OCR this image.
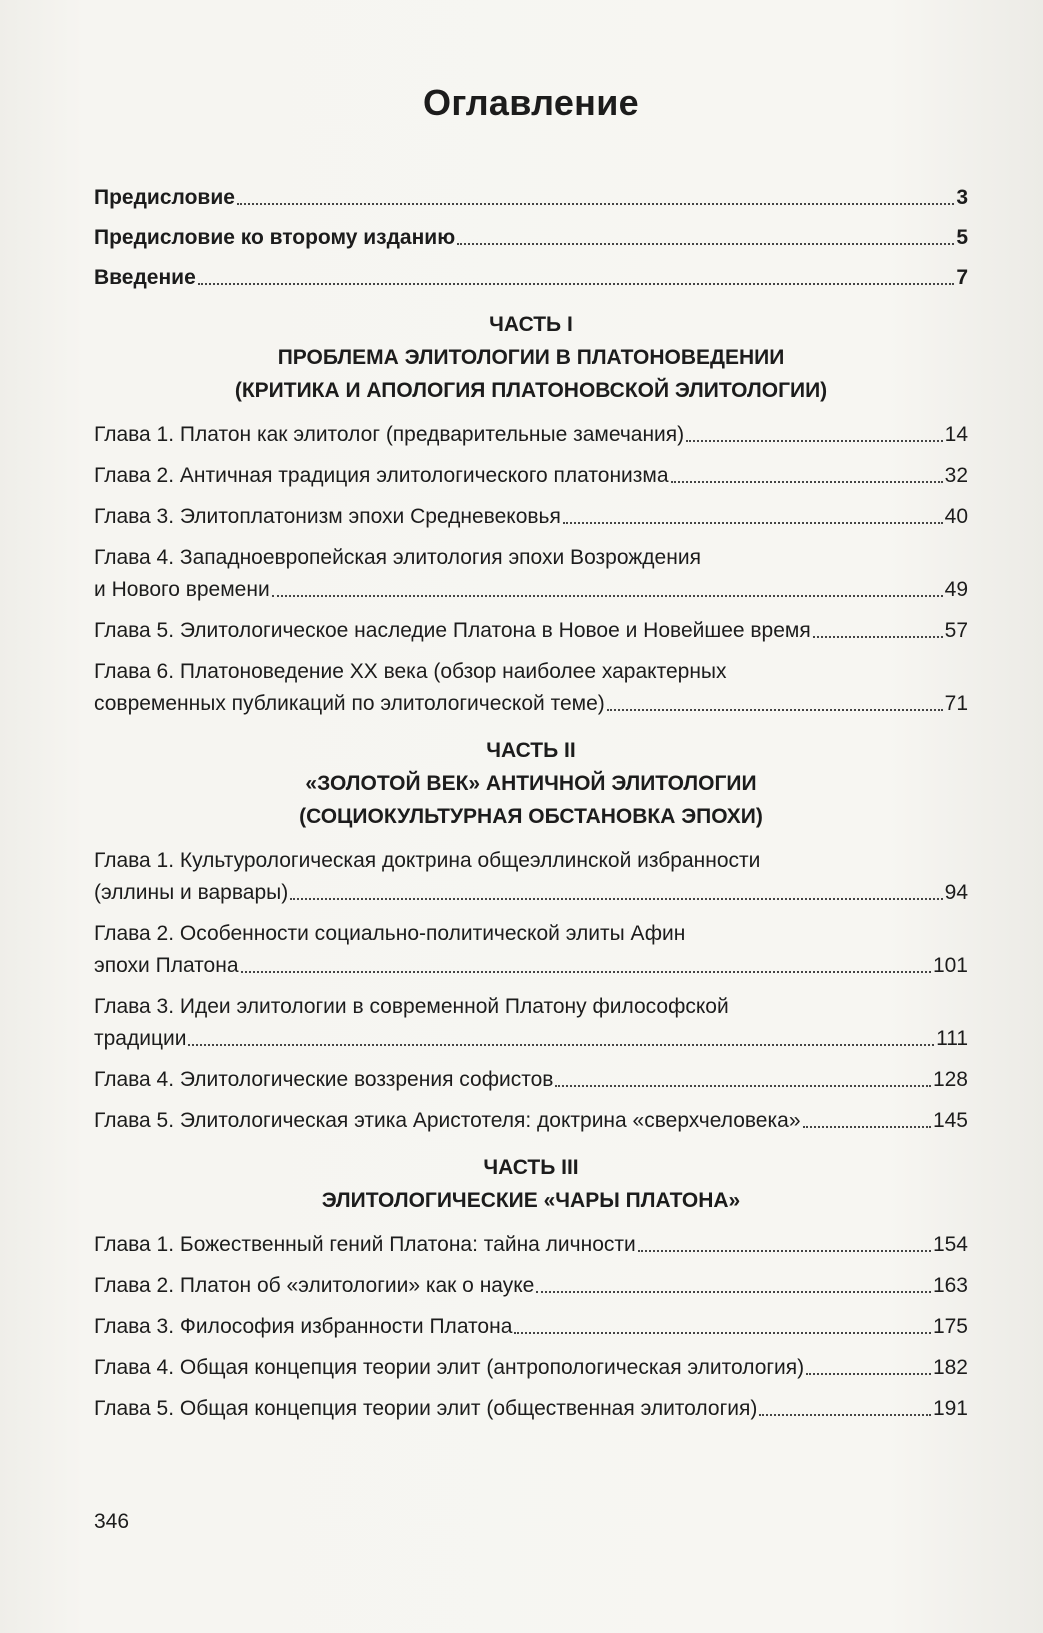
Оглавление
Предисловие	3
Предисловие ко второму изданию	5
Введение	7
ЧАСТЬ I
ПРОБЛЕМА ЭЛИТОЛОГИИ В ПЛАТОНОВЕДЕНИИ
(КРИТИКА И АПОЛОГИЯ ПЛАТОНОВСКОЙ ЭЛИТОЛОГИИ)
Глава 1. Платон как элитолог (предварительные замечания)	14
Глава 2. Античная традиция элитологического платонизма	32
Глава 3. Элитоплатонизм эпохи Средневековья	40
Глава 4. Западноевропейская элитология эпохи Возрождения
и Нового времени	49
Глава 5. Элитологическое наследие Платона в Новое и Новейшее время	57
Глава 6. Платоноведение XX века (обзор наиболее характерных
современных публикаций по элитологической теме)	71
ЧАСТЬ II
«ЗОЛОТОЙ ВЕК» АНТИЧНОЙ ЭЛИТОЛОГИИ
(СОЦИОКУЛЬТУРНАЯ ОБСТАНОВКА ЭПОХИ)
Глава 1. Культурологическая доктрина общеэллинской избранности
(эллины и варвары)	94
Глава 2. Особенности социально-политической элиты Афин
эпохи Платона	101
Глава 3. Идеи элитологии в современной Платону философской
традиции	111
Глава 4. Элитологические воззрения софистов	128
Глава 5. Элитологическая этика Аристотеля: доктрина «сверхчеловека»	145
ЧАСТЬ III
ЭЛИТОЛОГИЧЕСКИЕ «ЧАРЫ ПЛАТОНА»
Глава 1. Божественный гений Платона: тайна личности	154
Глава 2. Платон об «элитологии» как о науке	163
Глава 3. Философия избранности Платона	175
Глава 4. Общая концепция теории элит (антропологическая элитология)	182
Глава 5. Общая концепция теории элит (общественная элитология)	191
346
